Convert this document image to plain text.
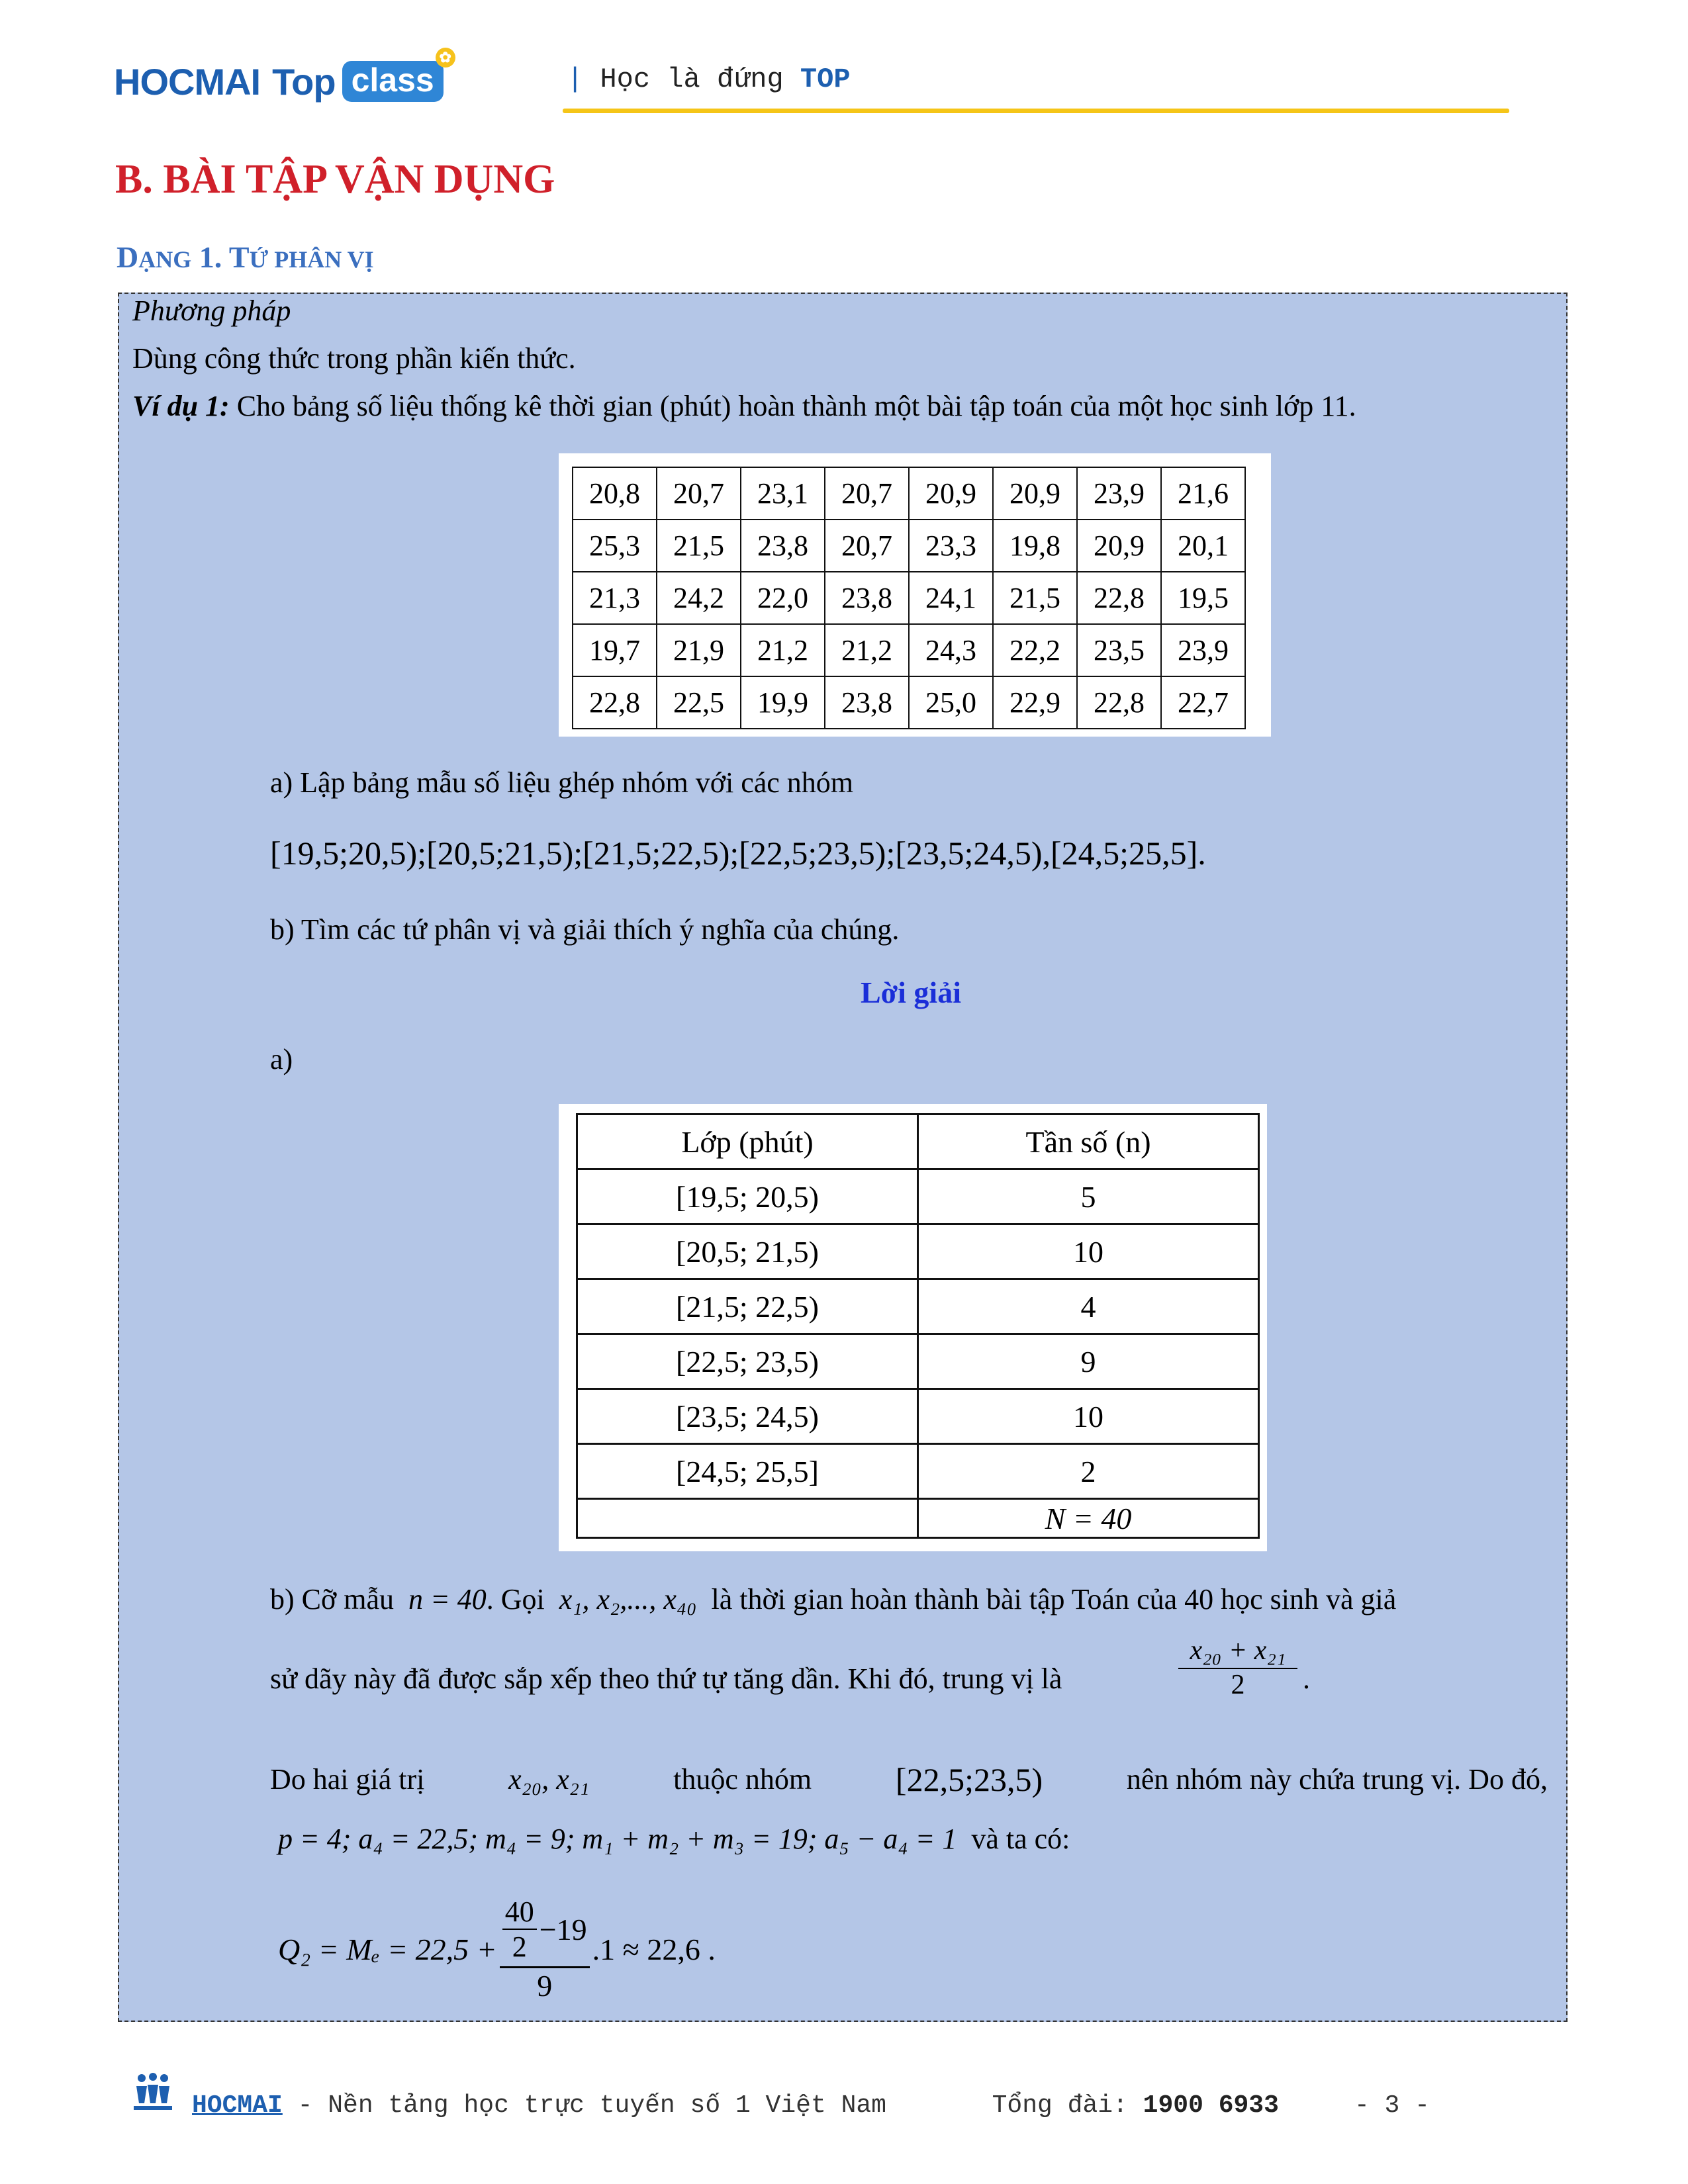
HOCMAI Top class
✿
| Học là đứng TOP
B. BÀI TẬP VẬN DỤNG
DẠNG 1. TỨ PHÂN VỊ
Phương pháp
Dùng công thức trong phần kiến thức.
Ví dụ 1: Cho bảng số liệu thống kê thời gian (phút) hoàn thành một bài tập toán của một học sinh lớp 11.
20,8	20,7	23,1	20,7	20,9	20,9	23,9	21,6
25,3	21,5	23,8	20,7	23,3	19,8	20,9	20,1
21,3	24,2	22,0	23,8	24,1	21,5	22,8	19,5
19,7	21,9	21,2	21,2	24,3	22,2	23,5	23,9
22,8	22,5	19,9	23,8	25,0	22,9	22,8	22,7
a) Lập bảng mẫu số liệu ghép nhóm với các nhóm
[19,5;20,5);[20,5;21,5);[21,5;22,5);[22,5;23,5);[23,5;24,5),[24,5;25,5].
b) Tìm các tứ phân vị và giải thích ý nghĩa của chúng.
Lời giải
a)
Lớp (phút)	Tần số (n)
[19,5; 20,5)	5
[20,5; 21,5)	10
[21,5; 22,5)	4
[22,5; 23,5)	9
[23,5; 24,5)	10
[24,5; 25,5]	2
	N = 40
b) Cỡ mẫu n = 40. Gọi x₁, x₂,..., x₄₀ là thời gian hoàn thành bài tập Toán của 40 học sinh và giả
sử dãy này đã được sắp xếp theo thứ tự tăng dần. Khi đó, trung vị là
x₂₀ + x₂₁
2	.
Do hai giá trị	x₂₀, x₂₁	thuộc nhóm	[22,5;23,5)	nên nhóm này chứa trung vị. Do đó,
p = 4; a₄ = 22,5; m₄ = 9; m₁ + m₂ + m₃ = 19; a₅ − a₄ = 1 và ta có:
Q₂ = Mₑ = 22,5 + 40
2
−19
9 .1 ≈ 22,6 .
HOCMAI - Nền tảng học trực tuyến số 1 Việt Nam	Tổng đài: 1900 6933	- 3 -
